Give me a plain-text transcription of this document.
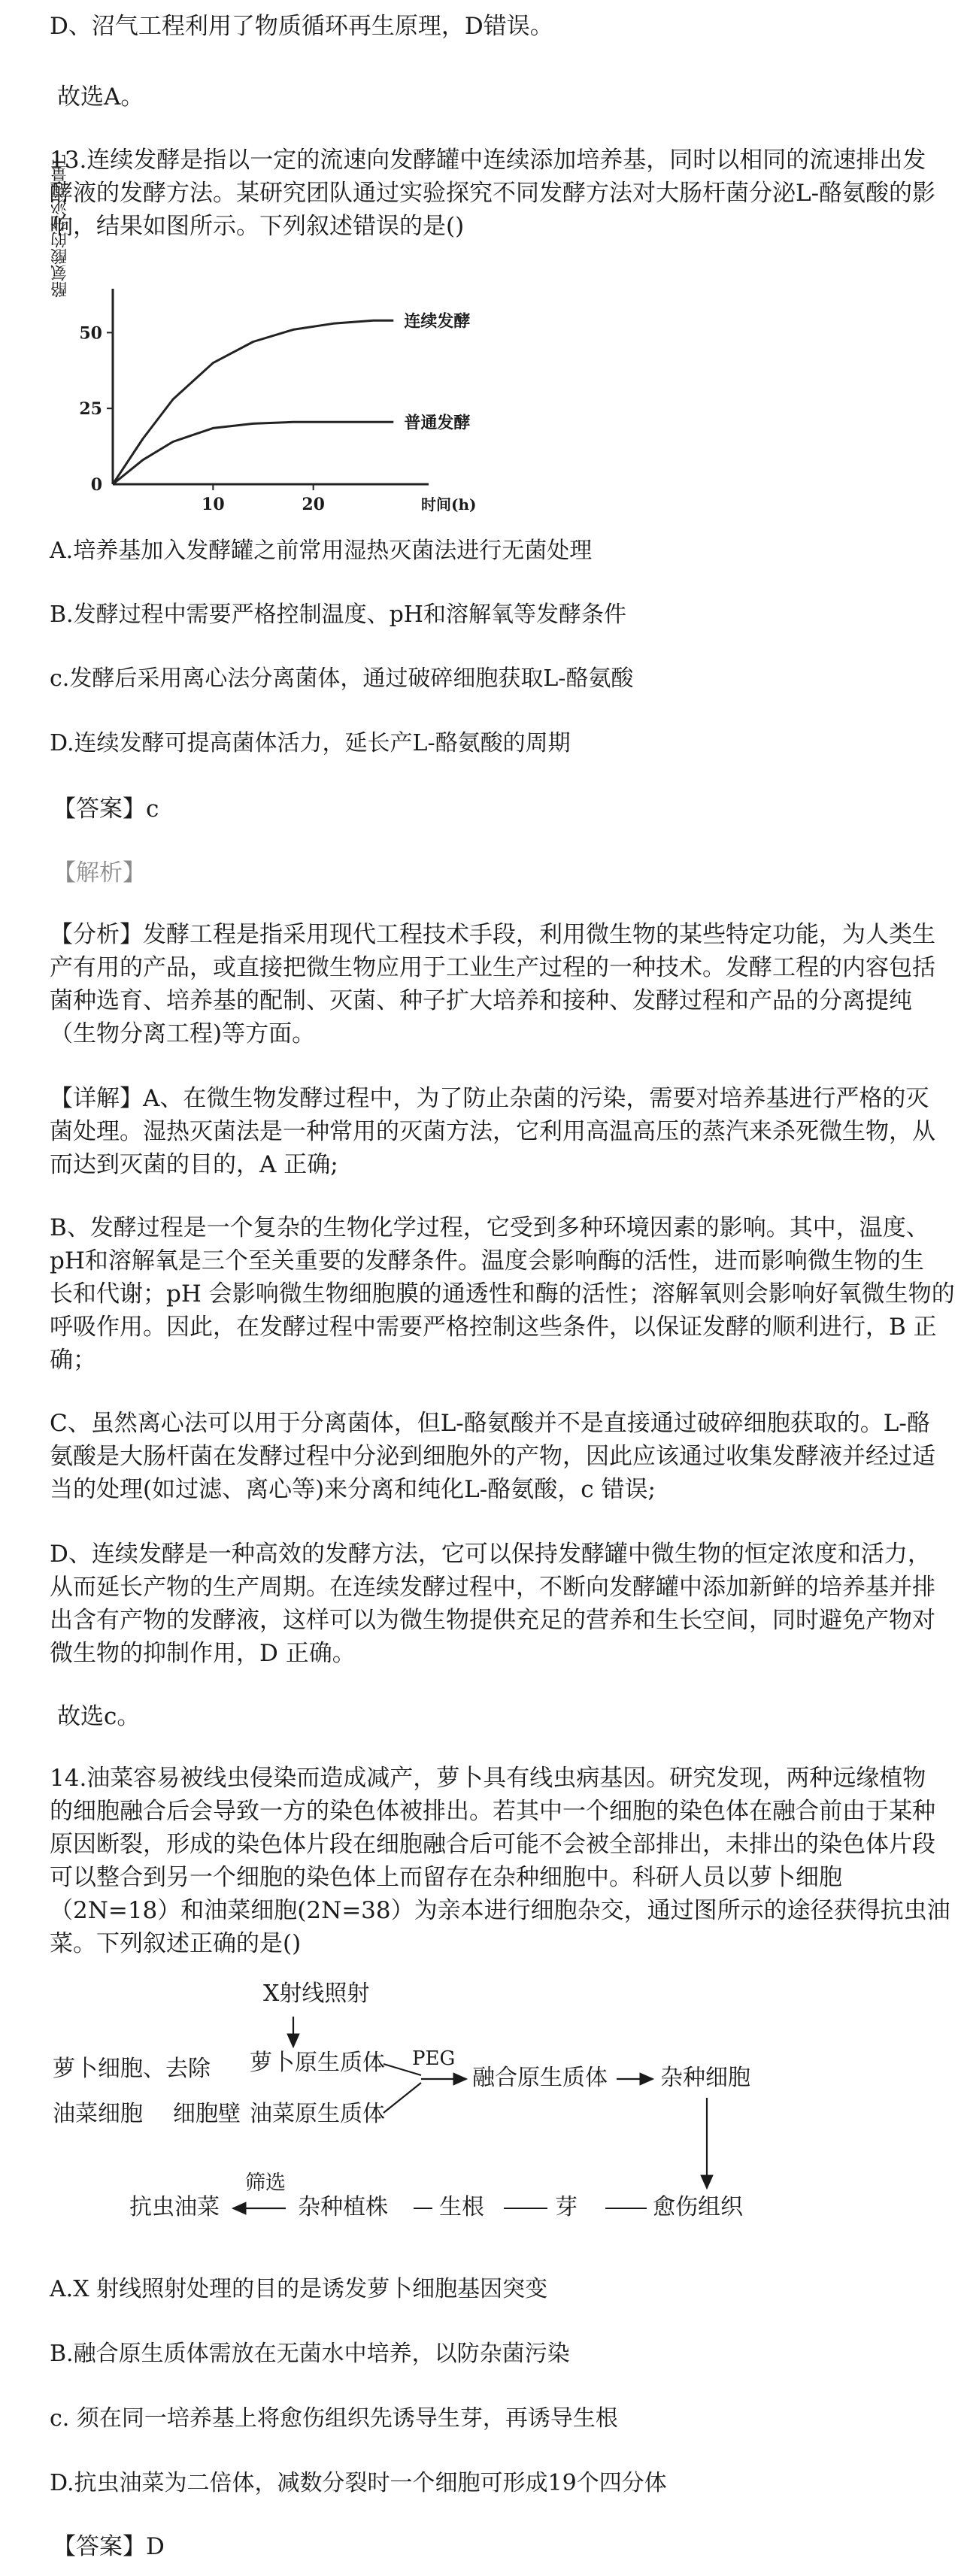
D、沼气工程利用了物质循环再生原理，D错误。
故选A。
13.连续发酵是指以一定的流速向发酵罐中连续添加培养基，同时以相同的流速排出发
酵液的发酵方法。某研究团队通过实验探究不同发酵方法对大肠杆菌分泌L-酪氨酸的影
响，结果如图所示。下列叙述错误的是()
0
25
50
10	20
酪氨酸的分泌总量L
时间(h)
连续发酵
普通发酵
A.培养基加入发酵罐之前常用湿热灭菌法进行无菌处理
B.发酵过程中需要严格控制温度、pH和溶解氧等发酵条件
c.发酵后采用离心法分离菌体，通过破碎细胞获取L-酪氨酸
D.连续发酵可提高菌体活力，延长产L-酪氨酸的周期
【答案】c
【解析】
【分析】发酵工程是指采用现代工程技术手段，利用微生物的某些特定功能，为人类生
产有用的产品，或直接把微生物应用于工业生产过程的一种技术。发酵工程的内容包括
菌种选育、培养基的配制、灭菌、种子扩大培养和接种、发酵过程和产品的分离提纯
（生物分离工程)等方面。
【详解】A、在微生物发酵过程中，为了防止杂菌的污染，需要对培养基进行严格的灭
菌处理。湿热灭菌法是一种常用的灭菌方法，它利用高温高压的蒸汽来杀死微生物，从
而达到灭菌的目的，A 正确;
B、发酵过程是一个复杂的生物化学过程，它受到多种环境因素的影响。其中，温度、
pH和溶解氧是三个至关重要的发酵条件。温度会影响酶的活性，进而影响微生物的生
长和代谢；pH 会影响微生物细胞膜的通透性和酶的活性；溶解氧则会影响好氧微生物的
呼吸作用。因此，在发酵过程中需要严格控制这些条件，以保证发酵的顺利进行，B 正
确；
C、虽然离心法可以用于分离菌体，但L-酪氨酸并不是直接通过破碎细胞获取的。L-酪
氨酸是大肠杆菌在发酵过程中分泌到细胞外的产物，因此应该通过收集发酵液并经过适
当的处理(如过滤、离心等)来分离和纯化L-酪氨酸，c 错误;
D、连续发酵是一种高效的发酵方法，它可以保持发酵罐中微生物的恒定浓度和活力，
从而延长产物的生产周期。在连续发酵过程中，不断向发酵罐中添加新鲜的培养基并排
出含有产物的发酵液，这样可以为微生物提供充足的营养和生长空间，同时避免产物对
微生物的抑制作用，D 正确。
故选c。
14.油菜容易被线虫侵染而造成减产，萝卜具有线虫病基因。研究发现，两种远缘植物
的细胞融合后会导致一方的染色体被排出。若其中一个细胞的染色体在融合前由于某种
原因断裂，形成的染色体片段在细胞融合后可能不会被全部排出，未排出的染色体片段
可以整合到另一个细胞的染色体上而留存在杂种细胞中。科研人员以萝卜细胞
（2N=18）和油菜细胞(2N=38）为亲本进行细胞杂交，通过图所示的途径获得抗虫油
菜。下列叙述正确的是()
X射线照射
萝卜细胞、去除
油菜细胞 细胞壁
萝卜原生质体
油菜原生质体
PEG
融合原生质体 杂种细胞
愈伤组织
芽
生根
杂种植株
筛选
抗虫油菜
A.X 射线照射处理的目的是诱发萝卜细胞基因突变
B.融合原生质体需放在无菌水中培养，以防杂菌污染
c. 须在同一培养基上将愈伤组织先诱导生芽，再诱导生根
D.抗虫油菜为二倍体，减数分裂时一个细胞可形成19个四分体
【答案】D
